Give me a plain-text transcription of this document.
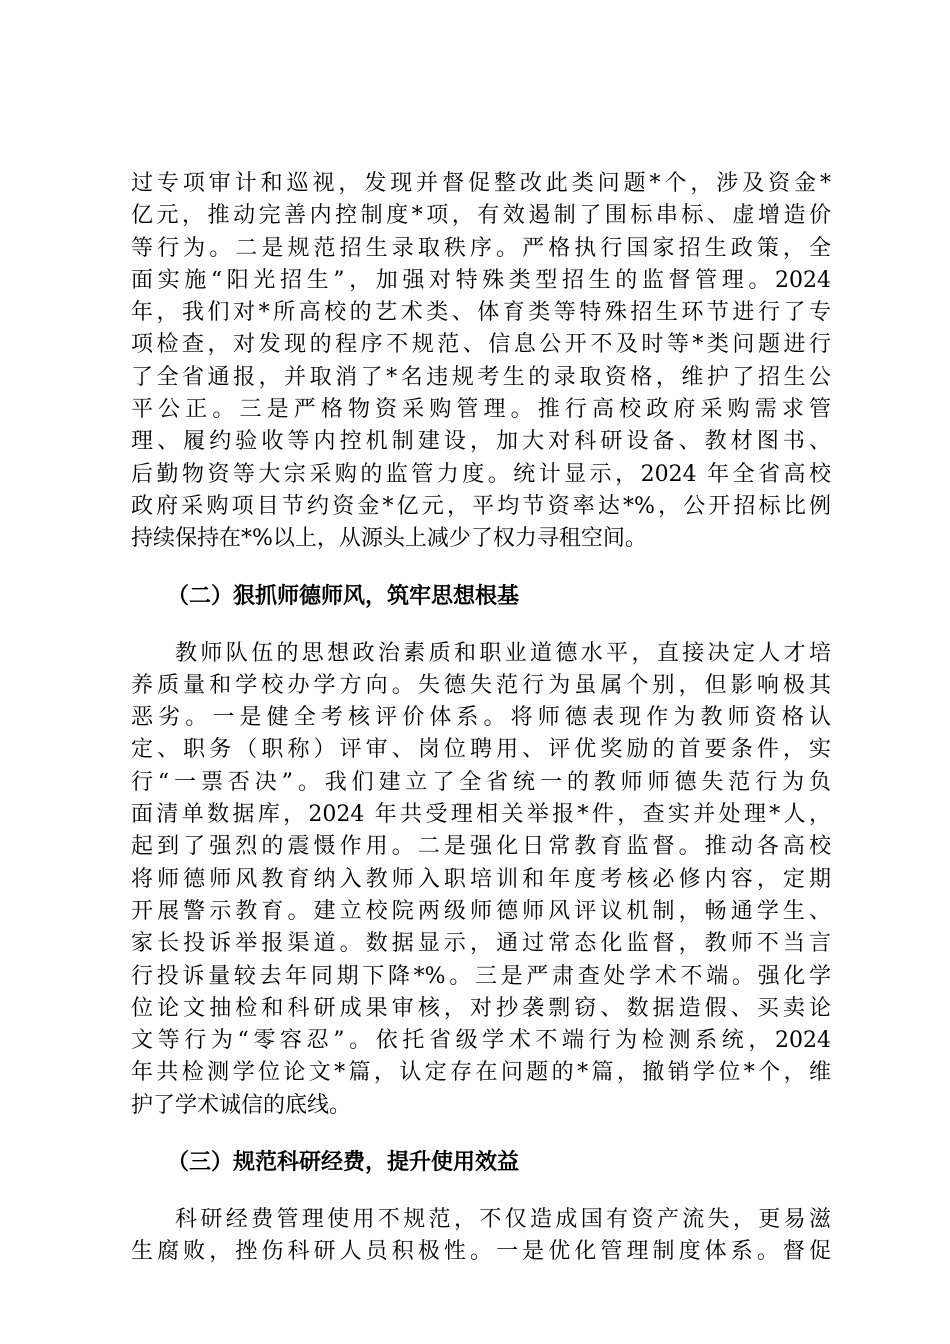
过专项审计和巡视，发现并督促整改此类问题*个，涉及资金*
亿元，推动完善内控制度*项，有效遏制了围标串标、虚增造价
等行为。二是规范招生录取秩序。严格执行国家招生政策，全
面实施“阳光招生”，加强对特殊类型招生的监督管理。2024
年，我们对*所高校的艺术类、体育类等特殊招生环节进行了专
项检查，对发现的程序不规范、信息公开不及时等*类问题进行
了全省通报，并取消了*名违规考生的录取资格，维护了招生公
平公正。三是严格物资采购管理。推行高校政府采购需求管
理、履约验收等内控机制建设，加大对科研设备、教材图书、
后勤物资等大宗采购的监管力度。统计显示，2024 年全省高校
政府采购项目节约资金*亿元，平均节资率达*%，公开招标比例
持续保持在*%以上，从源头上减少了权力寻租空间。
（二）狠抓师德师风，筑牢思想根基
教师队伍的思想政治素质和职业道德水平，直接决定人才培
养质量和学校办学方向。失德失范行为虽属个别，但影响极其
恶劣。一是健全考核评价体系。将师德表现作为教师资格认
定、职务（职称）评审、岗位聘用、评优奖励的首要条件，实
行“一票否决”。我们建立了全省统一的教师师德失范行为负
面清单数据库，2024 年共受理相关举报*件，查实并处理*人，
起到了强烈的震慑作用。二是强化日常教育监督。推动各高校
将师德师风教育纳入教师入职培训和年度考核必修内容，定期
开展警示教育。建立校院两级师德师风评议机制，畅通学生、
家长投诉举报渠道。数据显示，通过常态化监督，教师不当言
行投诉量较去年同期下降*%。三是严肃查处学术不端。强化学
位论文抽检和科研成果审核，对抄袭剽窃、数据造假、买卖论
文等行为“零容忍”。依托省级学术不端行为检测系统，2024
年共检测学位论文*篇，认定存在问题的*篇，撤销学位*个，维
护了学术诚信的底线。
（三）规范科研经费，提升使用效益
科研经费管理使用不规范，不仅造成国有资产流失，更易滋
生腐败，挫伤科研人员积极性。一是优化管理制度体系。督促
